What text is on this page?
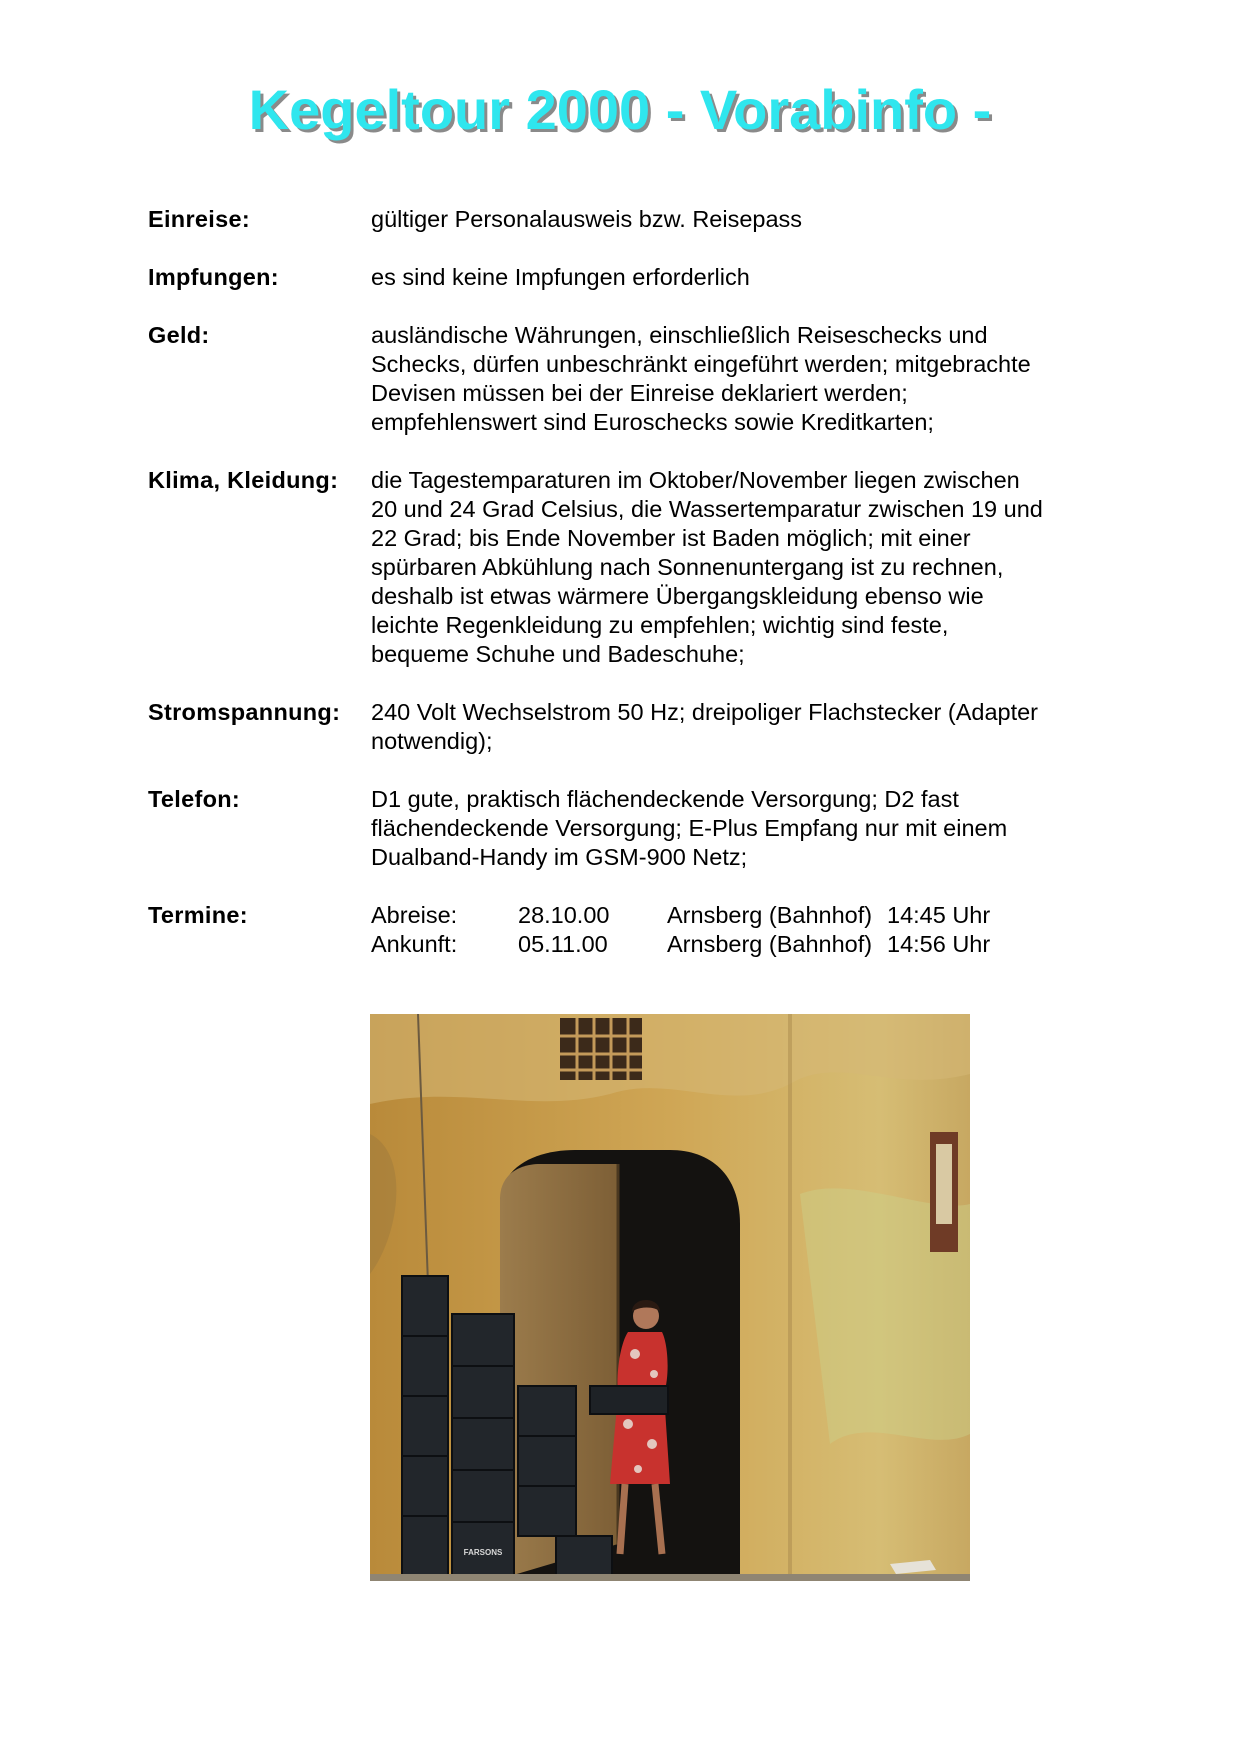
Kegeltour 2000 - Vorabinfo -
Einreise:	gültiger Personalausweis bzw. Reisepass
Impfungen:	es sind keine Impfungen erforderlich
Geld:	ausländische Währungen, einschließlich Reiseschecks und
Schecks, dürfen unbeschränkt eingeführt werden; mitgebrachte
Devisen müssen bei der Einreise deklariert werden;
empfehlenswert sind Euroschecks sowie Kreditkarten;
Klima, Kleidung:	die Tagestemparaturen im Oktober/November liegen zwischen
20 und 24 Grad Celsius, die Wassertemparatur zwischen 19 und
22 Grad; bis Ende November ist Baden möglich; mit einer
spürbaren Abkühlung nach Sonnenuntergang ist zu rechnen,
deshalb ist etwas wärmere Übergangskleidung ebenso wie
leichte Regenkleidung zu empfehlen; wichtig sind feste,
bequeme Schuhe und Badeschuhe;
Stromspannung:	240 Volt Wechselstrom 50 Hz; dreipoliger Flachstecker (Adapter
notwendig);
Telefon:	D1 gute, praktisch flächendeckende Versorgung; D2 fast
flächendeckende Versorgung; E-Plus Empfang nur mit einem
Dualband-Handy im GSM-900 Netz;
Termine:	Abreise:	28.10.00	Arnsberg (Bahnhof) 14:45 Uhr
Ankunft:	05.11.00	Arnsberg (Bahnhof) 14:56 Uhr
FARSONS
